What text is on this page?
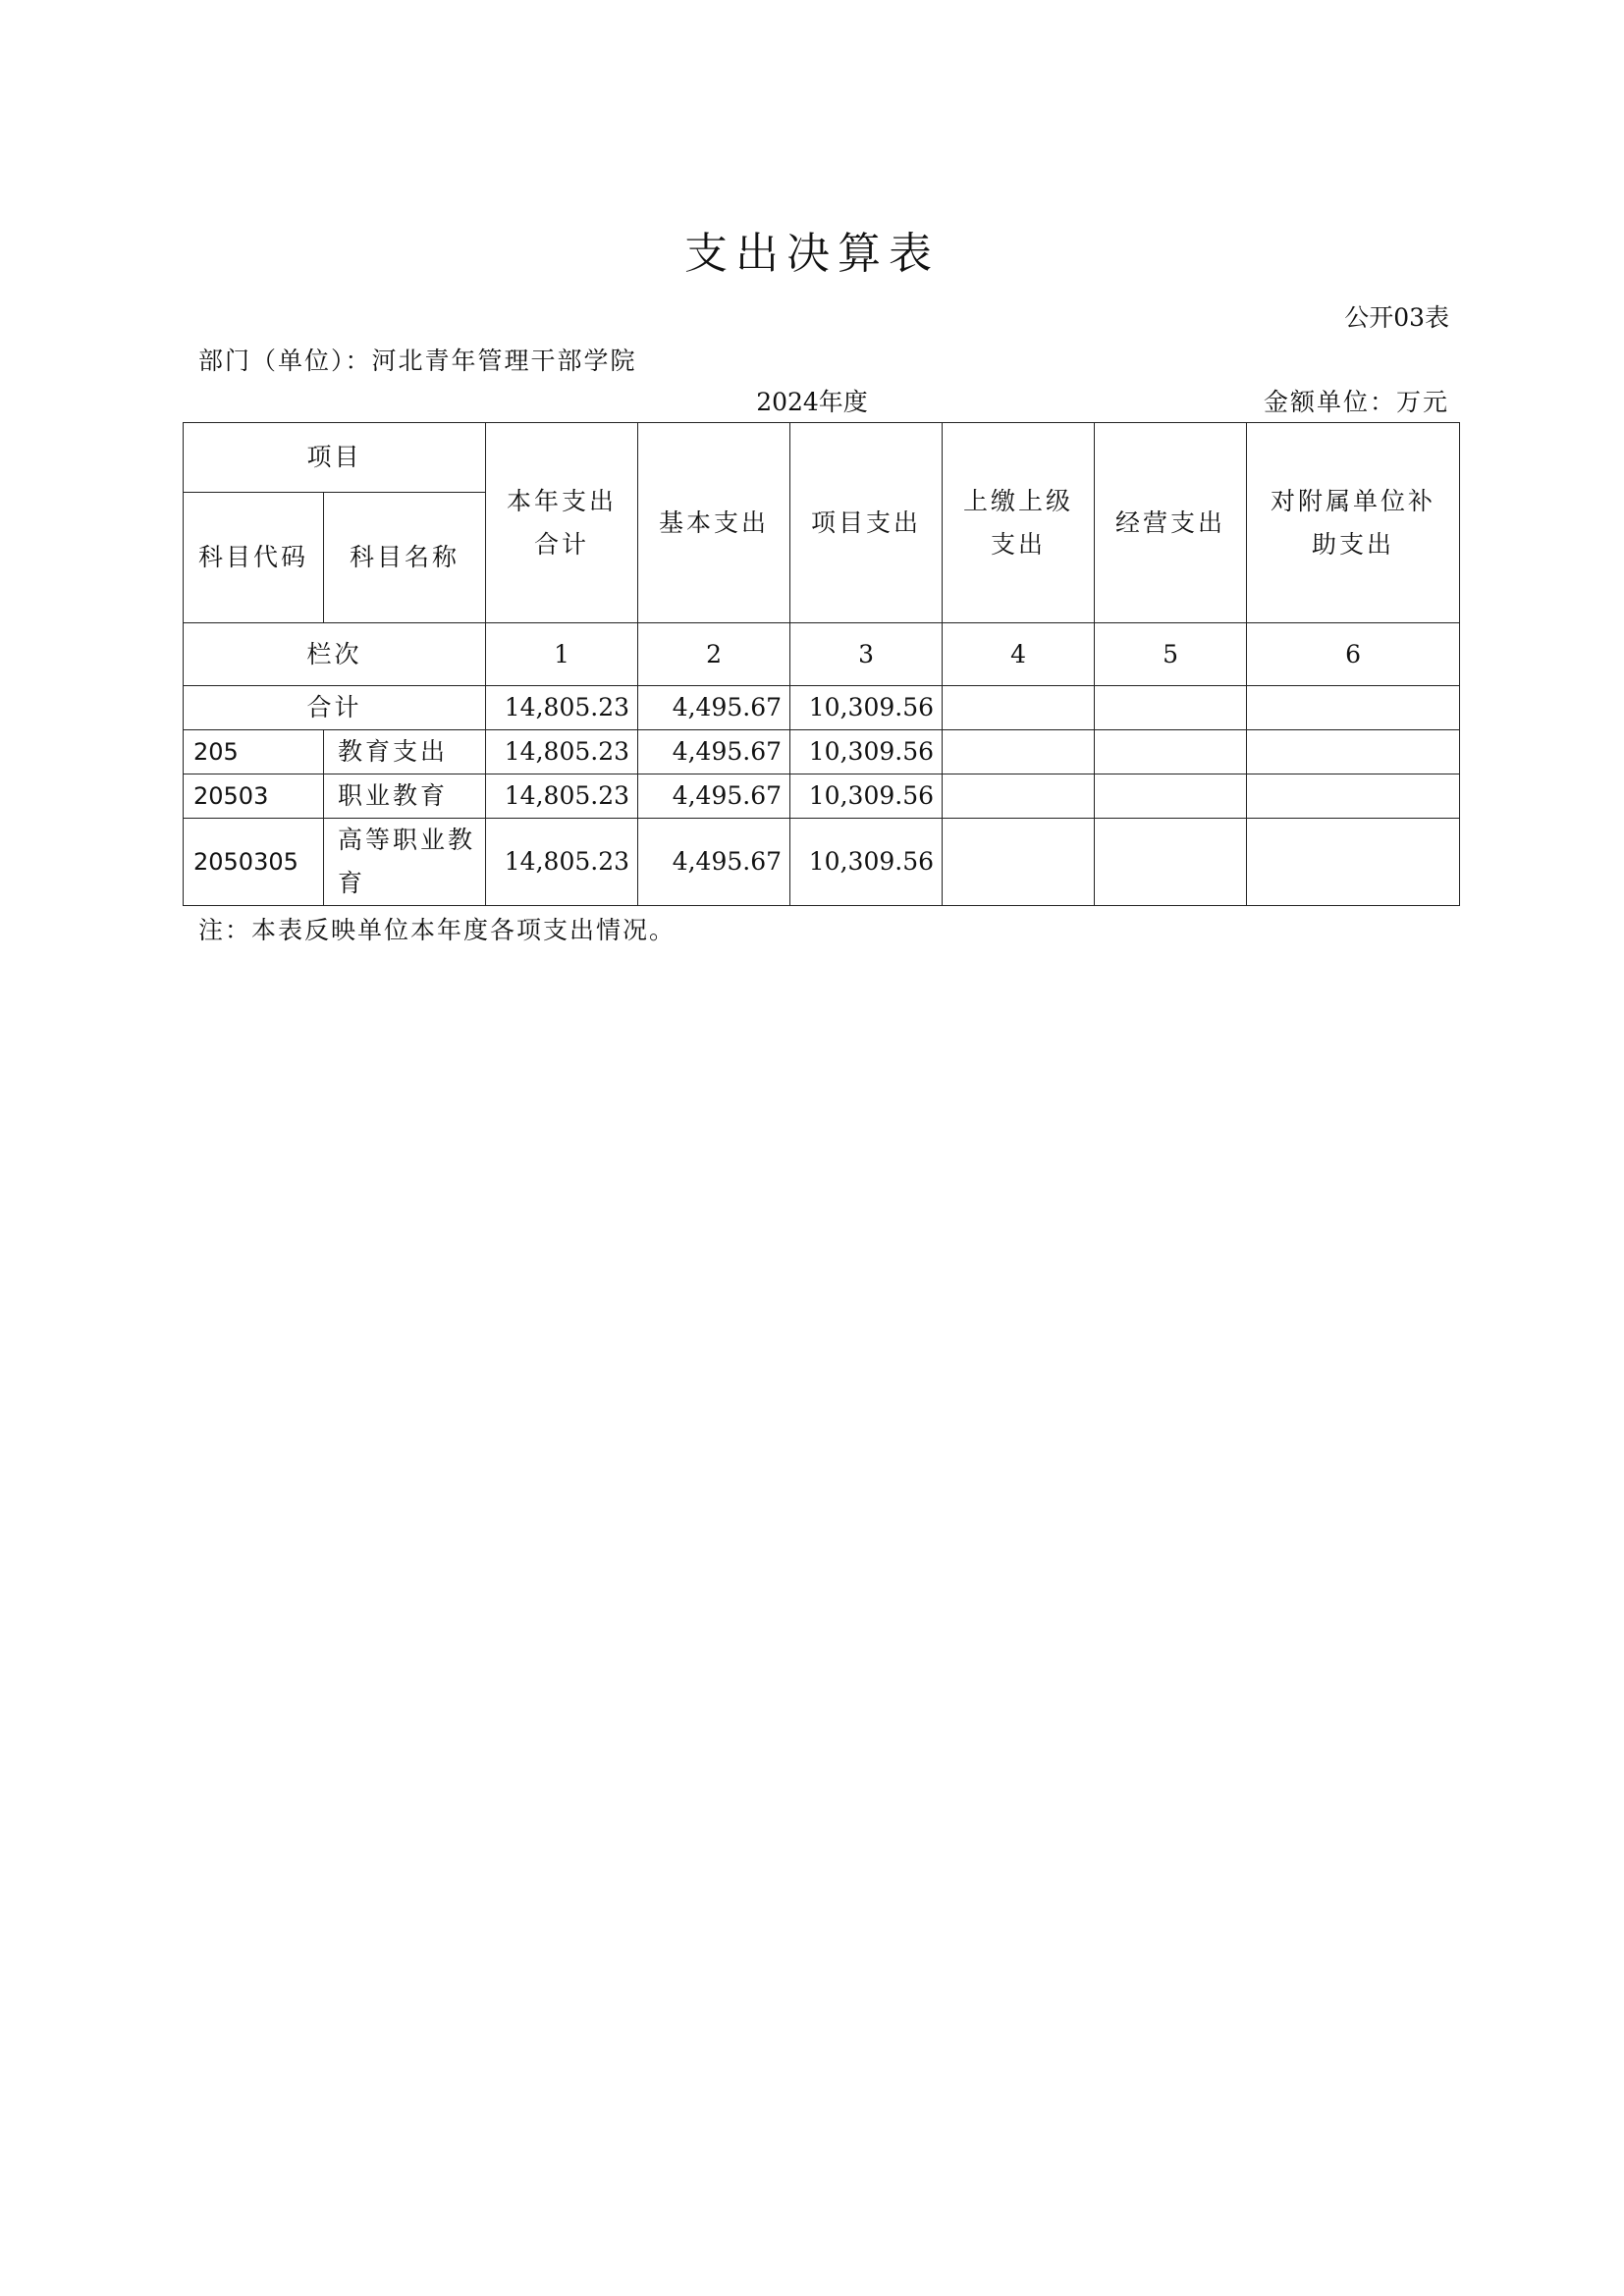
支出决算表
公开03表
部门（单位）：河北青年管理干部学院
2024年度	金额单位：万元
项目		本年支出合计	基本支出	项目支出	上缴上级支出	经营支出	对附属单位补助支出
科目代码	科目名称						
栏次		1	2	3	4	5	6
合计		14,805.23	4,495.67	10,309.56			
205	教育支出	14,805.23	4,495.67	10,309.56			
20503	职业教育	14,805.23	4,495.67	10,309.56			
2050305	高等职业教育	14,805.23	4,495.67	10,309.56			
注：本表反映单位本年度各项支出情况。
